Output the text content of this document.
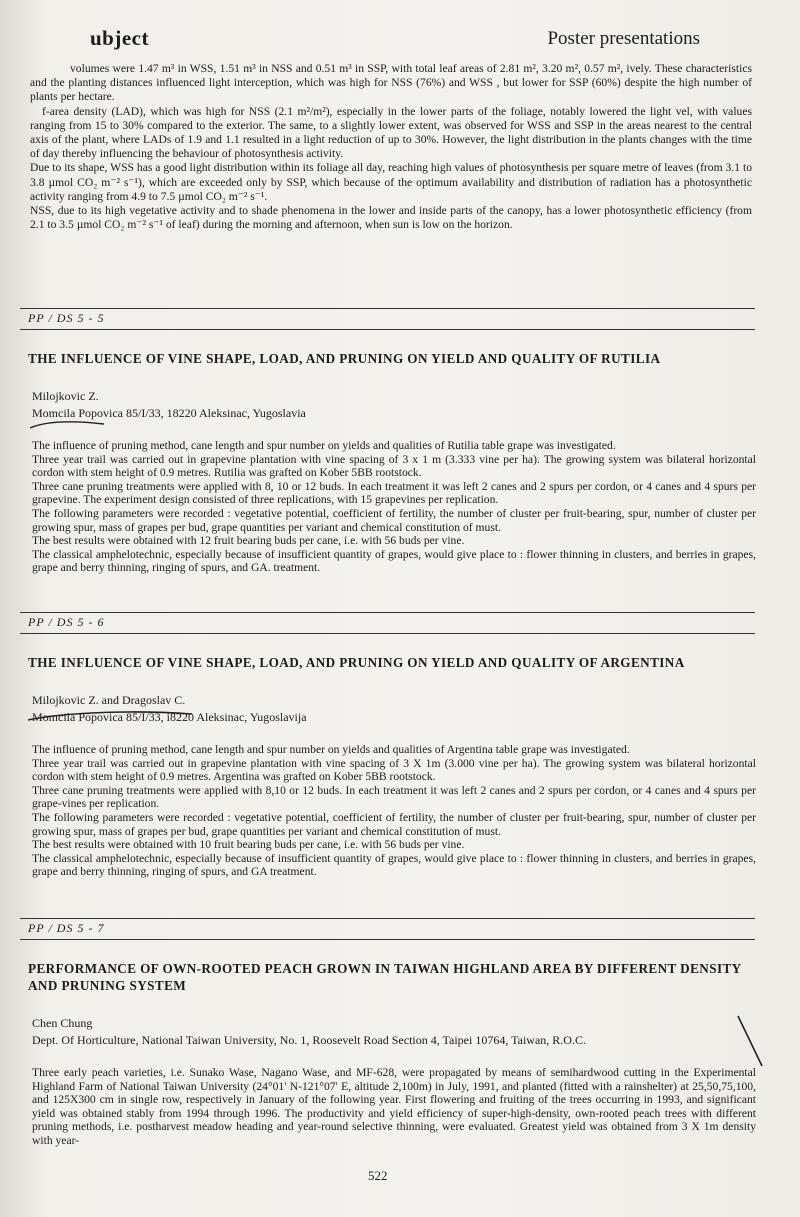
ubject	Poster presentations

volumes were 1.47 m³ in WSS, 1.51 m³ in NSS and 0.51 m³ in SSP, with total leaf areas of 2.81 m², 3.20 m², 0.57 m², ively. These characteristics and the planting distances influenced light interception, which was high for NSS (76%) and WSS , but lower for SSP (60%) despite the high number of plants per hectare.

f-area density (LAD), which was high for NSS (2.1 m²/m²), especially in the lower parts of the foliage, notably lowered the light vel, with values ranging from 15 to 30% compared to the exterior. The same, to a slightly lower extent, was observed for WSS and SSP in the areas nearest to the central axis of the plant, where LADs of 1.9 and 1.1 resulted in a light reduction of up to 30%. However, the light distribution in the plants changes with the time of day thereby influencing the behaviour of photosynthesis activity.

Due to its shape, WSS has a good light distribution within its foliage all day, reaching high values of photosynthesis per square metre of leaves (from 3.1 to 3.8 µmol CO₂ m⁻² s⁻¹), which are exceeded only by SSP, which because of the optimum availability and distribution of radiation has a photosynthetic activity ranging from 4.9 to 7.5 µmol CO₂ m⁻² s⁻¹.

NSS, due to its high vegetative activity and to shade phenomena in the lower and inside parts of the canopy, has a lower photosynthetic efficiency (from 2.1 to 3.5 µmol CO₂ m⁻² s⁻¹ of leaf) during the morning and afternoon, when sun is low on the horizon.

PP / DS 5 - 5
THE INFLUENCE OF VINE SHAPE, LOAD, AND PRUNING ON YIELD AND QUALITY OF RUTILIA
Milojkovic Z.
Momcila Popovica 85/I/33, 18220 Aleksinac, Yugoslavia

The influence of pruning method, cane length and spur number on yields and qualities of Rutilia table grape was investigated.

Three year trail was carried out in grapevine plantation with vine spacing of 3 x 1 m (3.333 vine per ha). The growing system was bilateral horizontal cordon with stem height of 0.9 metres. Rutilia was grafted on Kober 5BB rootstock.

Three cane pruning treatments were applied with 8, 10 or 12 buds. In each treatment it was left 2 canes and 2 spurs per cordon, or 4 canes and 4 spurs per grapevine. The experiment design consisted of three replications, with 15 grapevines per replication.

The following parameters were recorded : vegetative potential, coefficient of fertility, the number of cluster per fruit-bearing, spur, number of cluster per growing spur, mass of grapes per bud, grape quantities per variant and chemical constitution of must.

The best results were obtained with 12 fruit bearing buds per cane, i.e. with 56 buds per vine.

The classical amphelotechnic, especially because of insufficient quantity of grapes, would give place to : flower thinning in clusters, and berries in grapes, grape and berry thinning, ringing of spurs, and GA. treatment.

PP / DS 5 - 6
THE INFLUENCE OF VINE SHAPE, LOAD, AND PRUNING ON YIELD AND QUALITY OF ARGENTINA
Milojkovic Z. and Dragoslav C.
Momcila Popovica 85/I/33, i8220 Aleksinac, Yugoslavija

The influence of pruning method, cane length and spur number on yields and qualities of Argentina table grape was investigated.

Three year trail was carried out in grapevine plantation with vine spacing of 3 X 1m (3.000 vine per ha). The growing system was bilateral horizontal cordon with stem height of 0.9 metres. Argentina was grafted on Kober 5BB rootstock.

Three cane pruning treatments were applied with 8,10 or 12 buds. In each treatment it was left 2 canes and 2 spurs per cordon, or 4 canes and 4 spurs per grape-vines per replication.

The following parameters were recorded : vegetative potential, coefficient of fertility, the number of cluster per fruit-bearing, spur, number of cluster per growing spur, mass of grapes per bud, grape quantities per variant and chemical constitution of must.

The best results were obtained with 10 fruit bearing buds per cane, i.e. with 56 buds per vine.

The classical amphelotechnic, especially because of insufficient quantity of grapes, would give place to : flower thinning in clusters, and berries in grapes, grape and berry thinning, ringing of spurs, and GA treatment.

PP / DS 5 - 7
PERFORMANCE OF OWN-ROOTED PEACH GROWN IN TAIWAN HIGHLAND AREA BY DIFFERENT DENSITY AND PRUNING SYSTEM
Chen Chung
Dept. Of Horticulture, National Taiwan University, No. 1, Roosevelt Road Section 4, Taipei 10764, Taiwan, R.O.C.

Three early peach varieties, i.e. Sunako Wase, Nagano Wase, and MF-628, were propagated by means of semihardwood cutting in the Experimental Highland Farm of National Taiwan University (24°01' N-121°07' E, altitude 2,100m) in July, 1991, and planted (fitted with a rainshelter) at 25,50,75,100, and 125X300 cm in single row, respectively in January of the following year. First flowering and fruiting of the trees occurring in 1993, and significant yield was obtained stably from 1994 through 1996. The productivity and yield efficiency of super-high-density, own-rooted peach trees with different pruning methods, i.e. postharvest meadow heading and year-round selective thinning, were evaluated. Greatest yield was obtained from 3 X 1m density with year-

522
